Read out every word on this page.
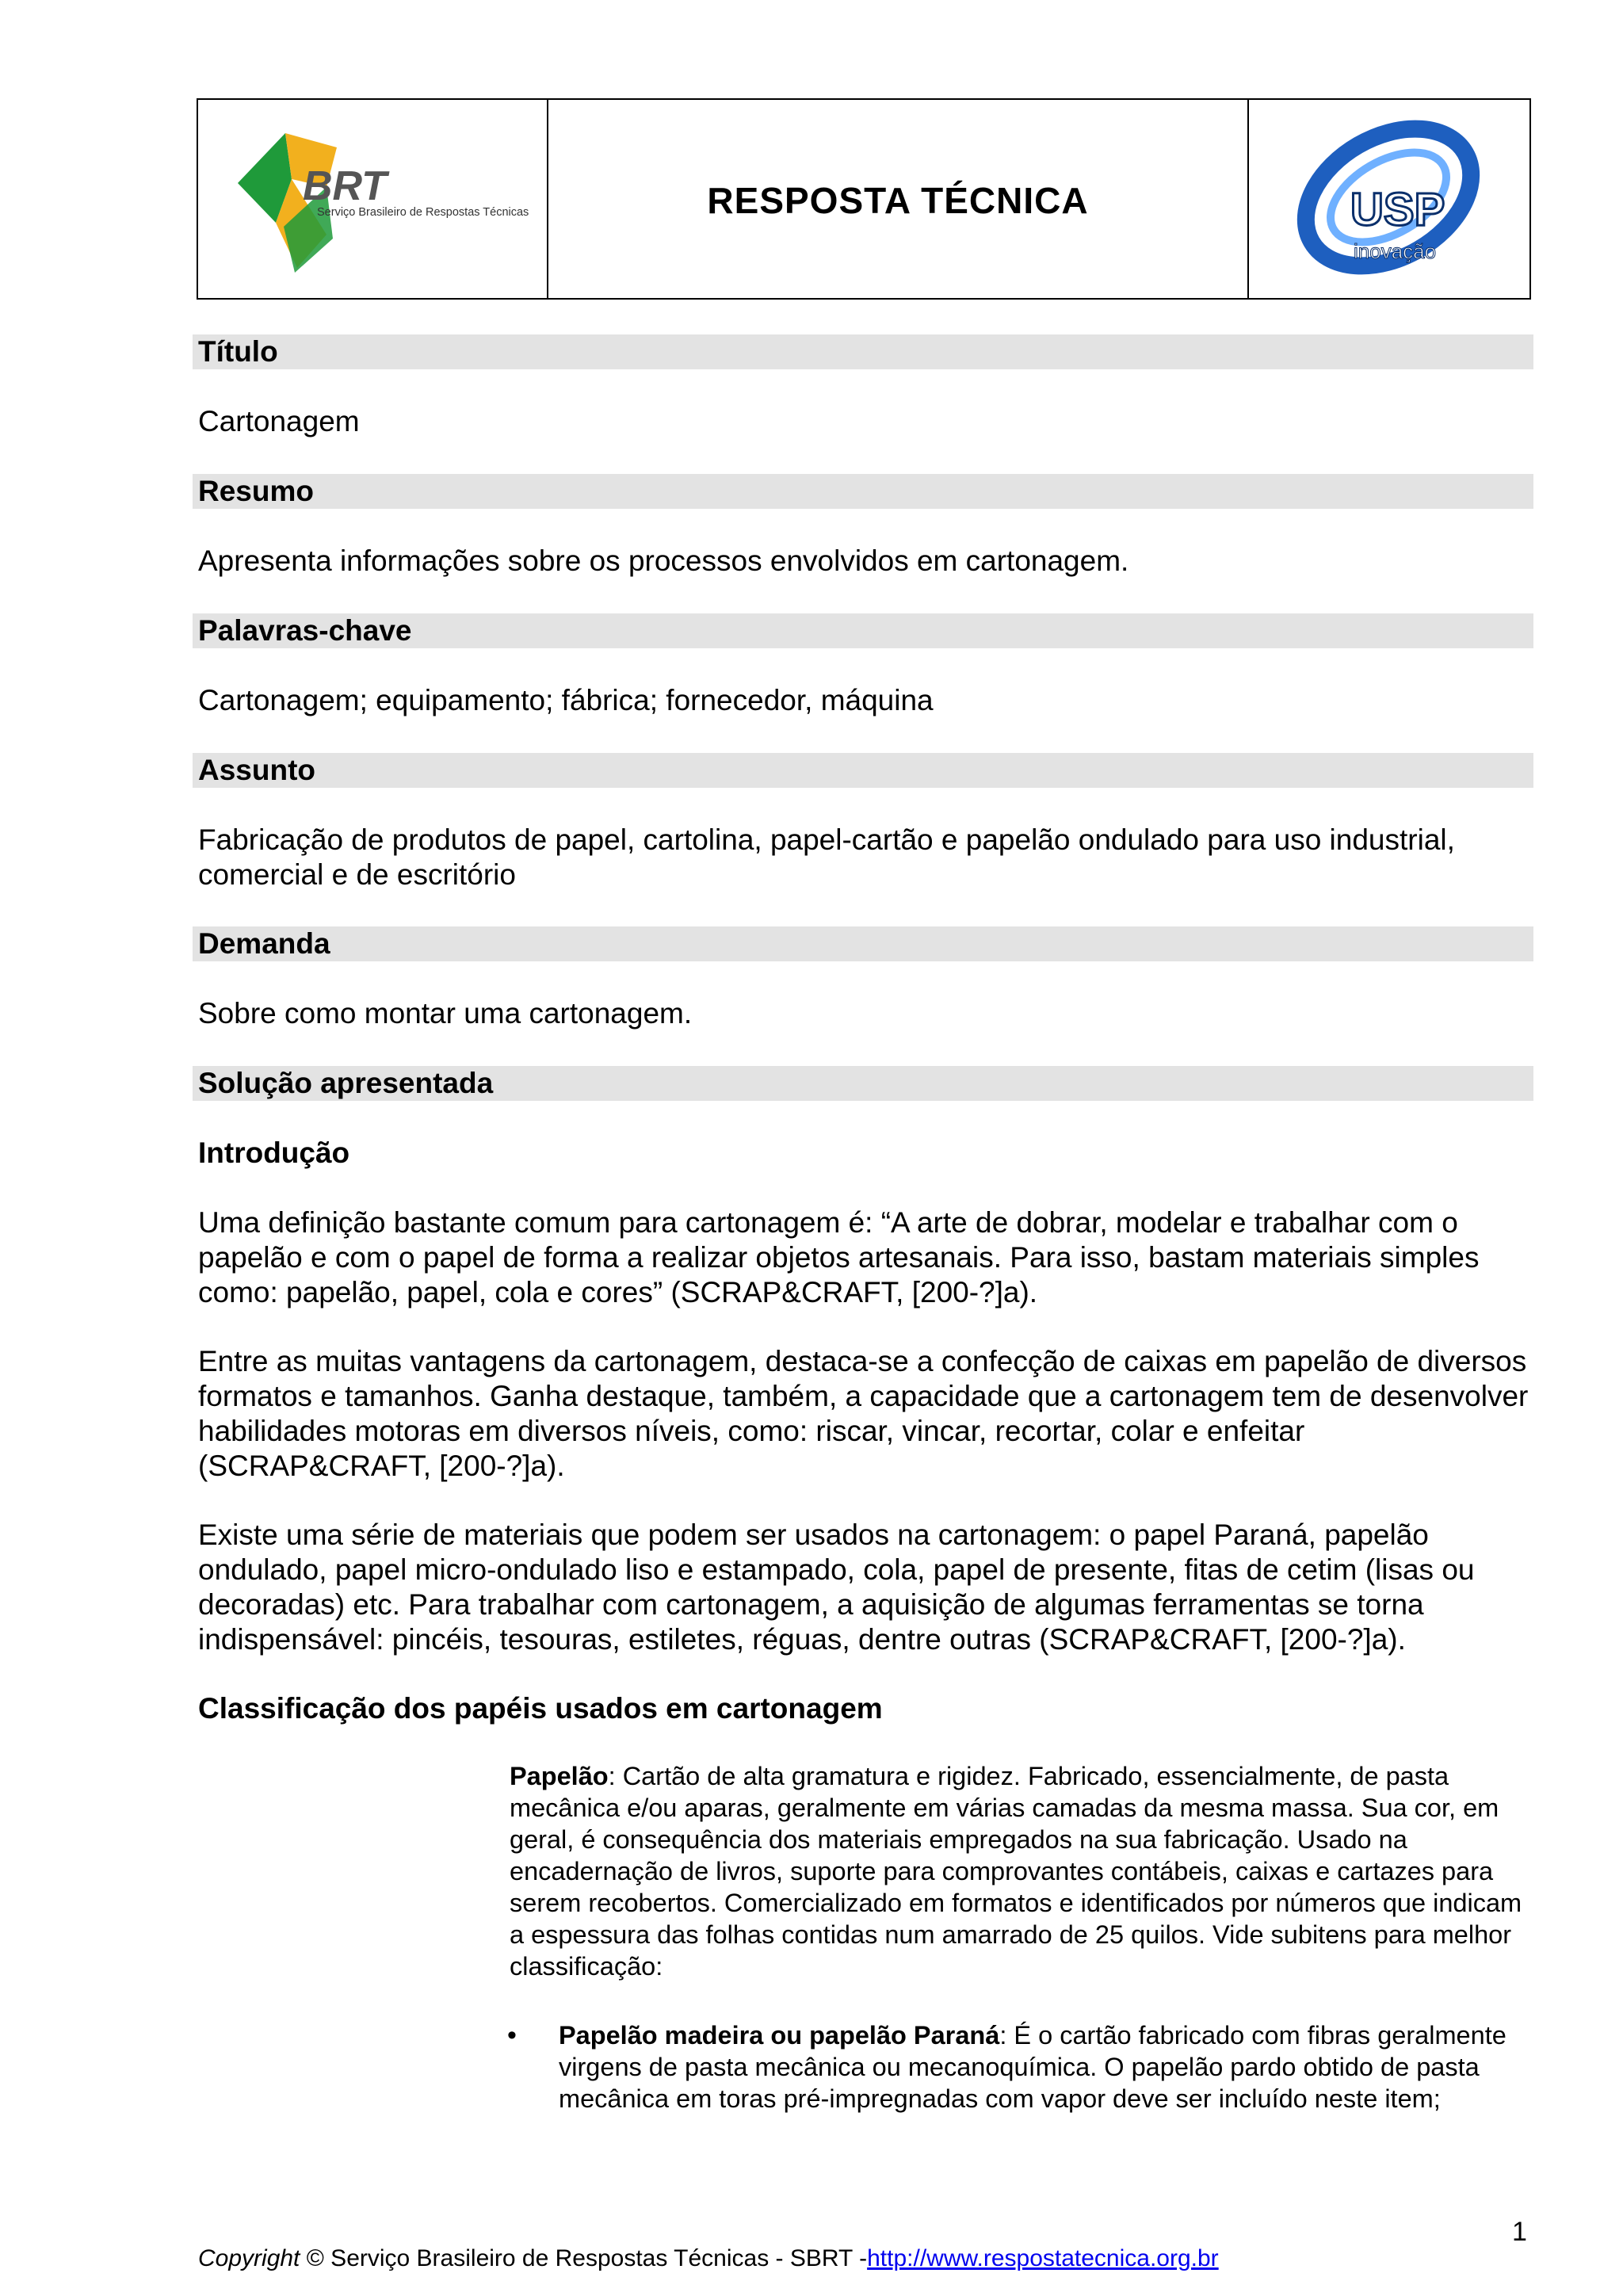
BRT
Serviço Brasileiro de Respostas Técnicas	RESPOSTA TÉCNICA	USP
inovação
Título
Cartonagem
Resumo
Apresenta informações sobre os processos envolvidos em cartonagem.
Palavras-chave
Cartonagem; equipamento; fábrica; fornecedor, máquina
Assunto
Fabricação de produtos de papel, cartolina, papel-cartão e papelão ondulado para uso industrial, comercial e de escritório
Demanda
Sobre como montar uma cartonagem.
Solução apresentada
Introdução
Uma definição bastante comum para cartonagem é: “A arte de dobrar, modelar e trabalhar com o papelão e com o papel de forma a realizar objetos artesanais. Para isso, bastam materiais simples como: papelão, papel, cola e cores” (SCRAP&CRAFT, [200-?]a).
Entre as muitas vantagens da cartonagem, destaca-se a confecção de caixas em papelão de diversos formatos e tamanhos. Ganha destaque, também, a capacidade que a cartonagem tem de desenvolver habilidades motoras em diversos níveis, como: riscar, vincar, recortar, colar e enfeitar (SCRAP&CRAFT, [200-?]a).
Existe uma série de materiais que podem ser usados na cartonagem: o papel Paraná, papelão ondulado, papel micro-ondulado liso e estampado, cola, papel de presente, fitas de cetim (lisas ou decoradas) etc. Para trabalhar com cartonagem, a aquisição de algumas ferramentas se torna indispensável: pincéis, tesouras, estiletes, réguas, dentre outras (SCRAP&CRAFT, [200-?]a).
Classificação dos papéis usados em cartonagem
Papelão: Cartão de alta gramatura e rigidez. Fabricado, essencialmente, de pasta mecânica e/ou aparas, geralmente em várias camadas da mesma massa. Sua cor, em geral, é consequência dos materiais empregados na sua fabricação. Usado na encadernação de livros, suporte para comprovantes contábeis, caixas e cartazes para serem recobertos. Comercializado em formatos e identificados por números que indicam a espessura das folhas contidas num amarrado de 25 quilos. Vide subitens para melhor classificação:
• Papelão madeira ou papelão Paraná: É o cartão fabricado com fibras geralmente virgens de pasta mecânica ou mecanoquímica. O papelão pardo obtido de pasta mecânica em toras pré-impregnadas com vapor deve ser incluído neste item;
1
Copyright © Serviço Brasileiro de Respostas Técnicas - SBRT -http://www.respostatecnica.org.br
